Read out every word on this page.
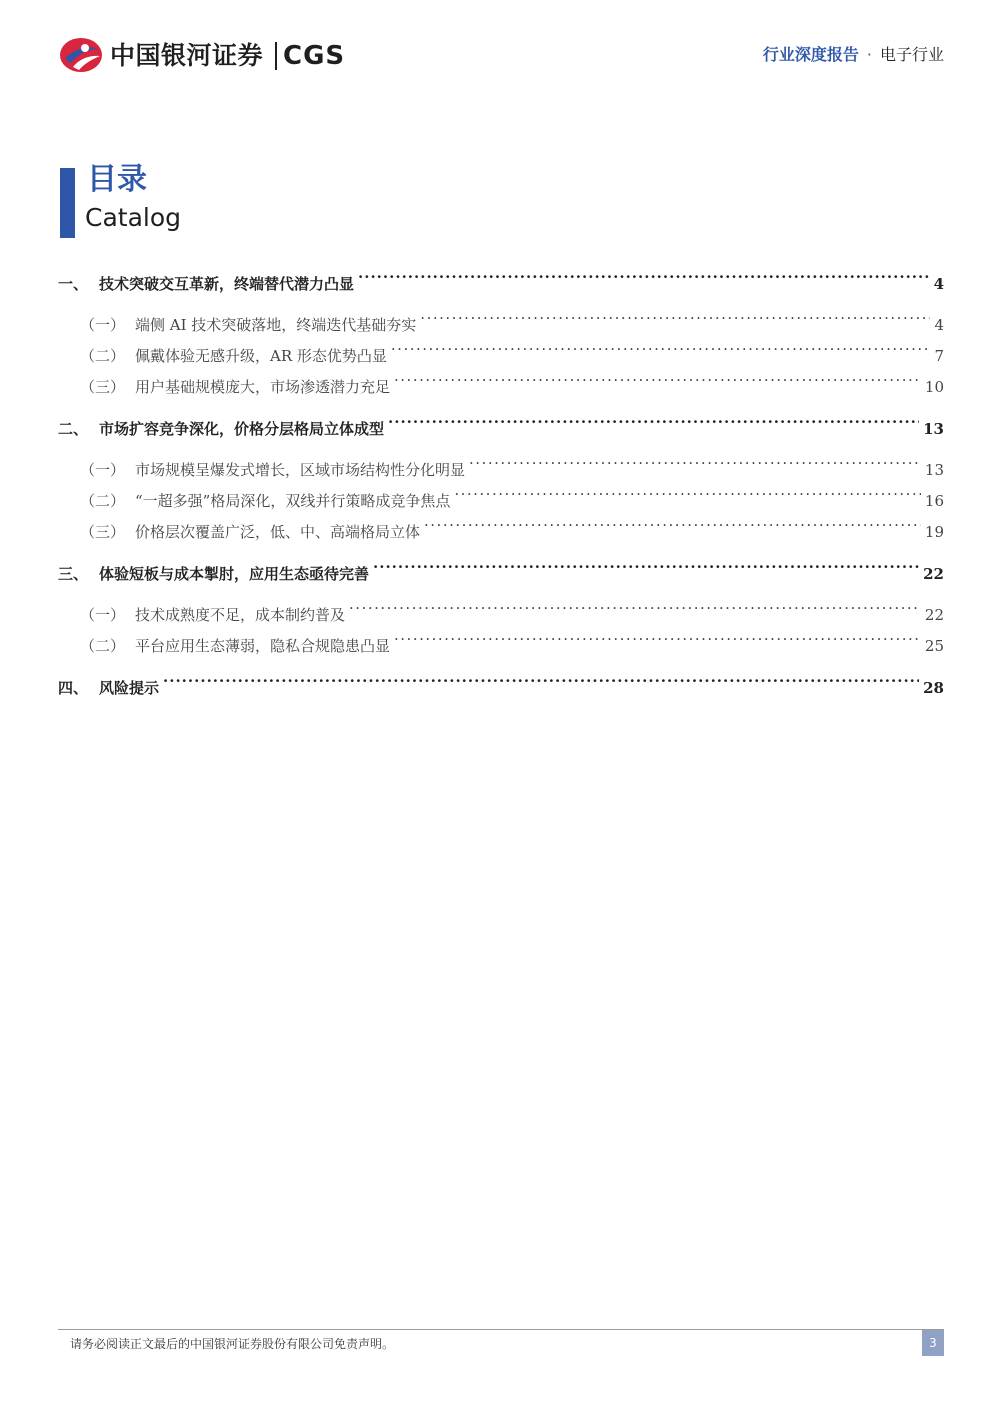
中国银河证券 CGS	行业深度报告 · 电子行业
目录
Catalog
一、 技术突破交互革新，终端替代潜力凸显 .....	4
（一） 端侧 AI 技术突破落地，终端迭代基础夯实 .....	4
（二） 佩戴体验无感升级，AR 形态优势凸显 .....	7
（三） 用户基础规模庞大，市场渗透潜力充足 .....	10
二、 市场扩容竞争深化，价格分层格局立体成型 .....	13
（一） 市场规模呈爆发式增长，区域市场结构性分化明显 .....	13
（二） “一超多强”格局深化，双线并行策略成竞争焦点 .....	16
（三） 价格层次覆盖广泛，低、中、高端格局立体 .....	19
三、 体验短板与成本掣肘，应用生态亟待完善 .....	22
（一） 技术成熟度不足，成本制约普及 .....	22
（二） 平台应用生态薄弱，隐私合规隐患凸显 .....	25
四、 风险提示 .....	28
请务必阅读正文最后的中国银河证券股份有限公司免责声明。	3
